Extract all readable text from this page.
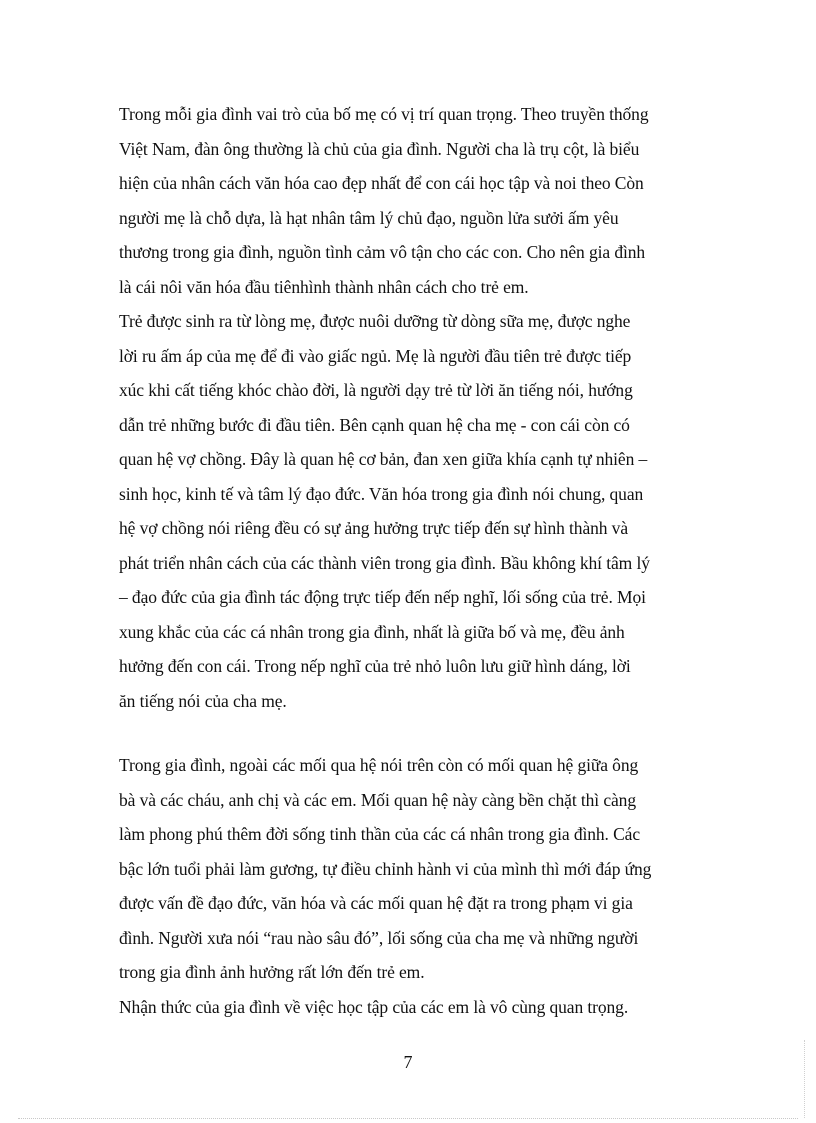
Trong mỗi gia đình vai trò của bố mẹ có vị trí quan trọng. Theo truyền thống
Việt Nam, đàn ông thường là chủ của gia đình. Người cha là trụ cột, là biểu
hiện của nhân cách văn hóa cao đẹp nhất để con cái học tập và noi theo Còn
người mẹ là chỗ dựa, là hạt nhân tâm lý chủ đạo, nguồn lửa sưởi ấm yêu
thương trong gia đình, nguồn tình cảm vô tận cho các con. Cho nên gia đình
là cái nôi văn hóa đầu tiênhình thành nhân cách cho trẻ em.
Trẻ được sinh ra từ lòng mẹ, được nuôi dưỡng từ dòng sữa mẹ, được nghe
lời ru ấm áp của mẹ để đi vào giấc ngủ. Mẹ là người đầu tiên trẻ được tiếp
xúc khi cất tiếng khóc chào đời, là người dạy trẻ từ lời ăn tiếng nói, hướng
dẫn trẻ những bước đi đầu tiên. Bên cạnh quan hệ cha mẹ - con cái còn có
quan hệ vợ chồng. Đây là quan hệ cơ bản, đan xen giữa khía cạnh tự nhiên –
sinh học, kinh tế và tâm lý đạo đức. Văn hóa trong gia đình nói chung, quan
hệ vợ chồng nói riêng đều có sự ảng hưởng trực tiếp đến sự hình thành và
phát triển nhân cách của các thành viên trong gia đình. Bầu không khí tâm lý
– đạo đức của gia đình tác động trực tiếp đến nếp nghĩ, lối sống của trẻ. Mọi
xung khắc của các cá nhân trong gia đình, nhất là giữa bố và mẹ, đều ảnh
hưởng đến con cái. Trong nếp nghĩ của trẻ nhỏ luôn lưu giữ hình dáng, lời
ăn tiếng nói của cha mẹ.
Trong gia đình, ngoài các mối qua hệ nói trên còn có mối quan hệ giữa ông
bà và các cháu, anh chị và các em. Mối quan hệ này càng bền chặt thì càng
làm phong phú thêm đời sống tinh thần của các cá nhân trong gia đình. Các
bậc lớn tuổi phải làm gương, tự điều chỉnh hành vi của mình thì mới đáp ứng
được vấn đề đạo đức, văn hóa và các mối quan hệ đặt ra trong phạm vi gia
đình. Người xưa nói “rau nào sâu đó”, lối sống của cha mẹ và những người
trong gia đình ảnh hưởng rất lớn đến trẻ em.
Nhận thức của gia đình về việc học tập của các em là vô cùng quan trọng.
7
